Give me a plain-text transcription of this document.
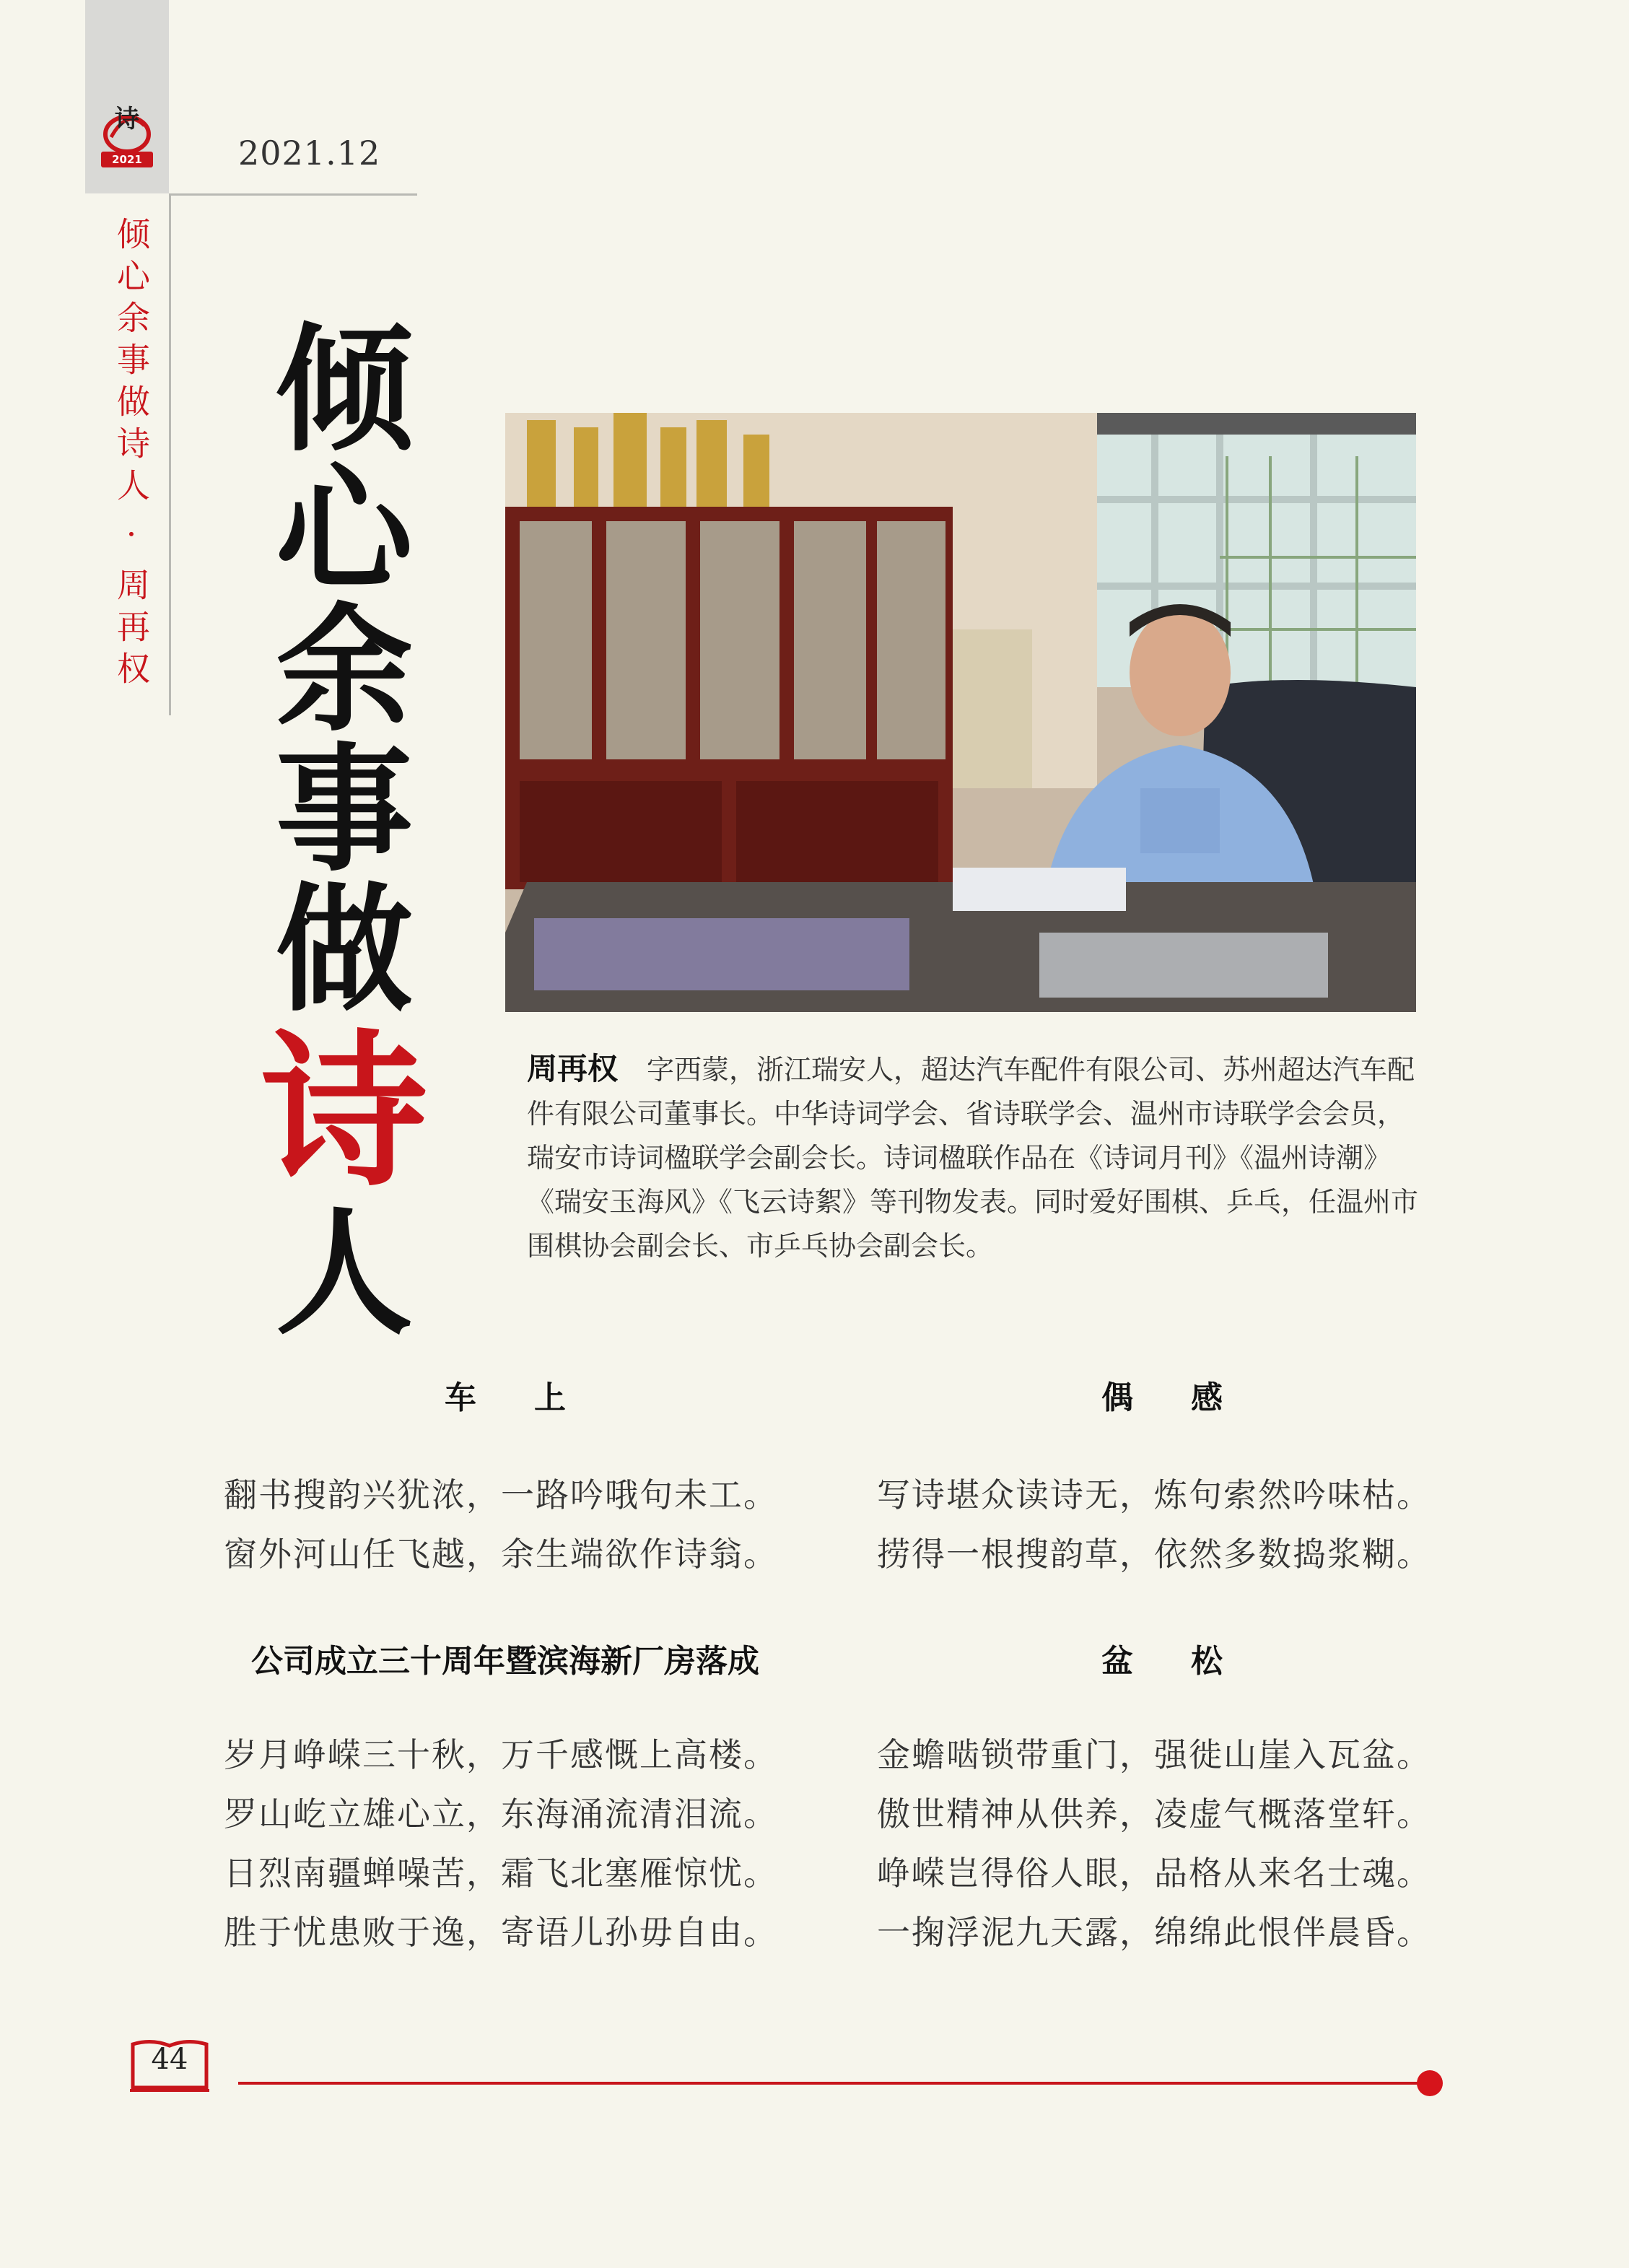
诗
2021	2021.12
倾心余事做诗人 · 周再权 倾
心
余
事
做
诗
人
周再权 字西蒙，浙江瑞安人，超达汽车配件有限公司、苏州超达汽车配件有限公司董事长。中华诗词学会、省诗联学会、温州市诗联学会会员，瑞安市诗词楹联学会副会长。诗词楹联作品在《诗词月刊》《温州诗潮》《瑞安玉海风》《飞云诗絮》等刊物发表。同时爱好围棋、乒乓，任温州市围棋协会副会长、市乒乓协会副会长。
车上
翻书搜韵兴犹浓，一路吟哦句未工。
窗外河山任飞越，余生端欲作诗翁。
偶感
写诗堪众读诗无，炼句索然吟味枯。
捞得一根搜韵草，依然多数捣浆糊。
公司成立三十周年暨滨海新厂房落成
岁月峥嵘三十秋，万千感慨上高楼。
罗山屹立雄心立，东海涌流清泪流。
日烈南疆蝉噪苦，霜飞北塞雁惊忧。
胜于忧患败于逸，寄语儿孙毋自由。
盆松
金蟾啮锁带重门，强徙山崖入瓦盆。
傲世精神从供养，凌虚气概落堂轩。
峥嵘岂得俗人眼，品格从来名士魂。
一掬浮泥九天露，绵绵此恨伴晨昏。
44
